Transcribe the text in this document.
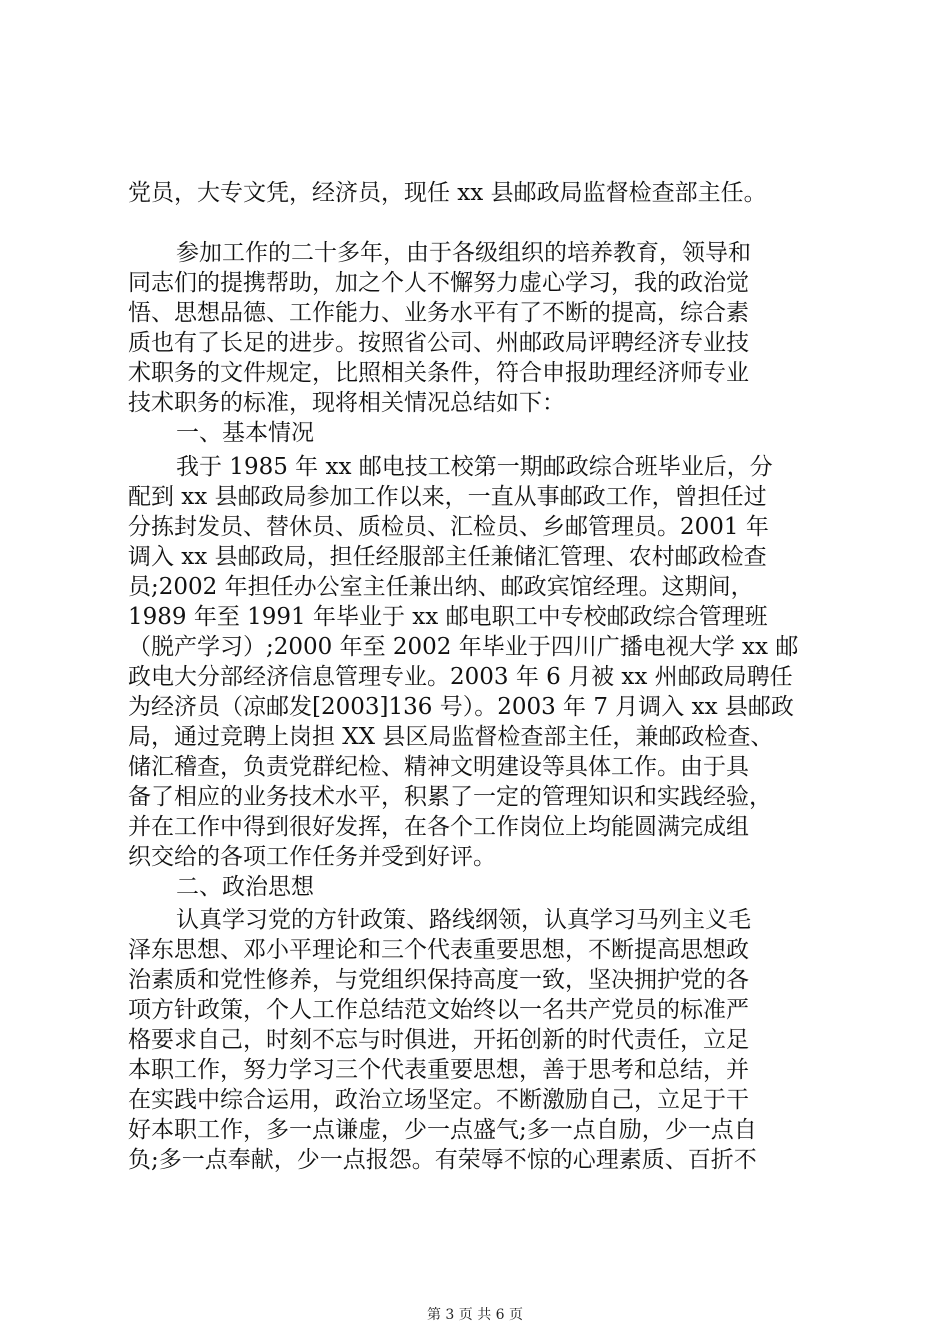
党员，大专文凭，经济员，现任 xx 县邮政局监督检查部主任。
参加工作的二十多年，由于各级组织的培养教育，领导和
同志们的提携帮助，加之个人不懈努力虚心学习，我的政治觉
悟、思想品德、工作能力、业务水平有了不断的提高，综合素
质也有了长足的进步。按照省公司、州邮政局评聘经济专业技
术职务的文件规定，比照相关条件，符合申报助理经济师专业
技术职务的标准，现将相关情况总结如下：
一、基本情况
我于 1985 年 xx 邮电技工校第一期邮政综合班毕业后，分
配到 xx 县邮政局参加工作以来，一直从事邮政工作，曾担任过
分拣封发员、替休员、质检员、汇检员、乡邮管理员。2001 年
调入 xx 县邮政局，担任经服部主任兼储汇管理、农村邮政检查
员;2002 年担任办公室主任兼出纳、邮政宾馆经理。这期间，
1989 年至 1991 年毕业于 xx 邮电职工中专校邮政综合管理班
（脱产学习）;2000 年至 2002 年毕业于四川广播电视大学 xx 邮
政电大分部经济信息管理专业。2003 年 6 月被 xx 州邮政局聘任
为经济员（凉邮发[2003]136 号）。2003 年 7 月调入 xx 县邮政
局，通过竞聘上岗担 XX 县区局监督检查部主任，兼邮政检查、
储汇稽查，负责党群纪检、精神文明建设等具体工作。由于具
备了相应的业务技术水平，积累了一定的管理知识和实践经验，
并在工作中得到很好发挥，在各个工作岗位上均能圆满完成组
织交给的各项工作任务并受到好评。
二、政治思想
认真学习党的方针政策、路线纲领，认真学习马列主义毛
泽东思想、邓小平理论和三个代表重要思想，不断提高思想政
治素质和党性修养，与党组织保持高度一致，坚决拥护党的各
项方针政策，个人工作总结范文始终以一名共产党员的标准严
格要求自己，时刻不忘与时俱进，开拓创新的时代责任，立足
本职工作，努力学习三个代表重要思想，善于思考和总结，并
在实践中综合运用，政治立场坚定。不断激励自己，立足于干
好本职工作，多一点谦虚，少一点盛气;多一点自励，少一点自
负;多一点奉献，少一点报怨。有荣辱不惊的心理素质、百折不
第 3 页 共 6 页
